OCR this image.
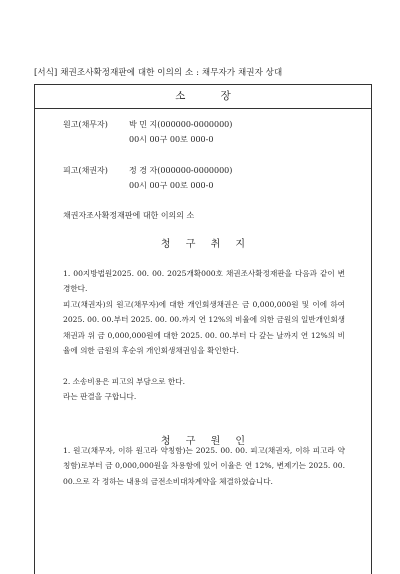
[서식] 채권조사확정재판에 대한 이의의 소 : 채무자가 채권자 상대
소 장
원고(채무자)	박 민 지(000000-0000000)
00시 00구 00로 000-0
피고(채권자)	정 경 자(000000-0000000)
00시 00구 00로 000-0
채권자조사확정재판에 대한 이의의 소
청 구 취 지
1. 00지방법원2025. 00. 00. 2025개확000호 채권조사확정재판을 다음과 같이 변경한다.
피고(채권자)의 원고(채무자)에 대한 개인회생채권은 금 0,000,000원 및 이에 하여 2025. 00. 00.부터 2025. 00. 00.까지 연 12%의 비율에 의한 금원의 일반개인회생채권과 위 금 0,000,000원에 대한 2025. 00. 00.부터 다 갚는 날까지 연 12%의 비율에 의한 금원의 후순위 개인회생채권임을 확인한다.
2. 소송비용은 피고의 부담으로 한다.
라는 판결을 구합니다.
청 구 원 인
1. 원고(채무자, 이하 원고라 약칭함)는 2025. 00. 00. 피고(채권자, 이하 피고라 약칭함)로부터 금 0,000,000원을 차용함에 있어 이율은 연 12%, 변제기는 2025. 00. 00.으로 각 정하는 내용의 금전소비대차계약을 체결하였습니다.
